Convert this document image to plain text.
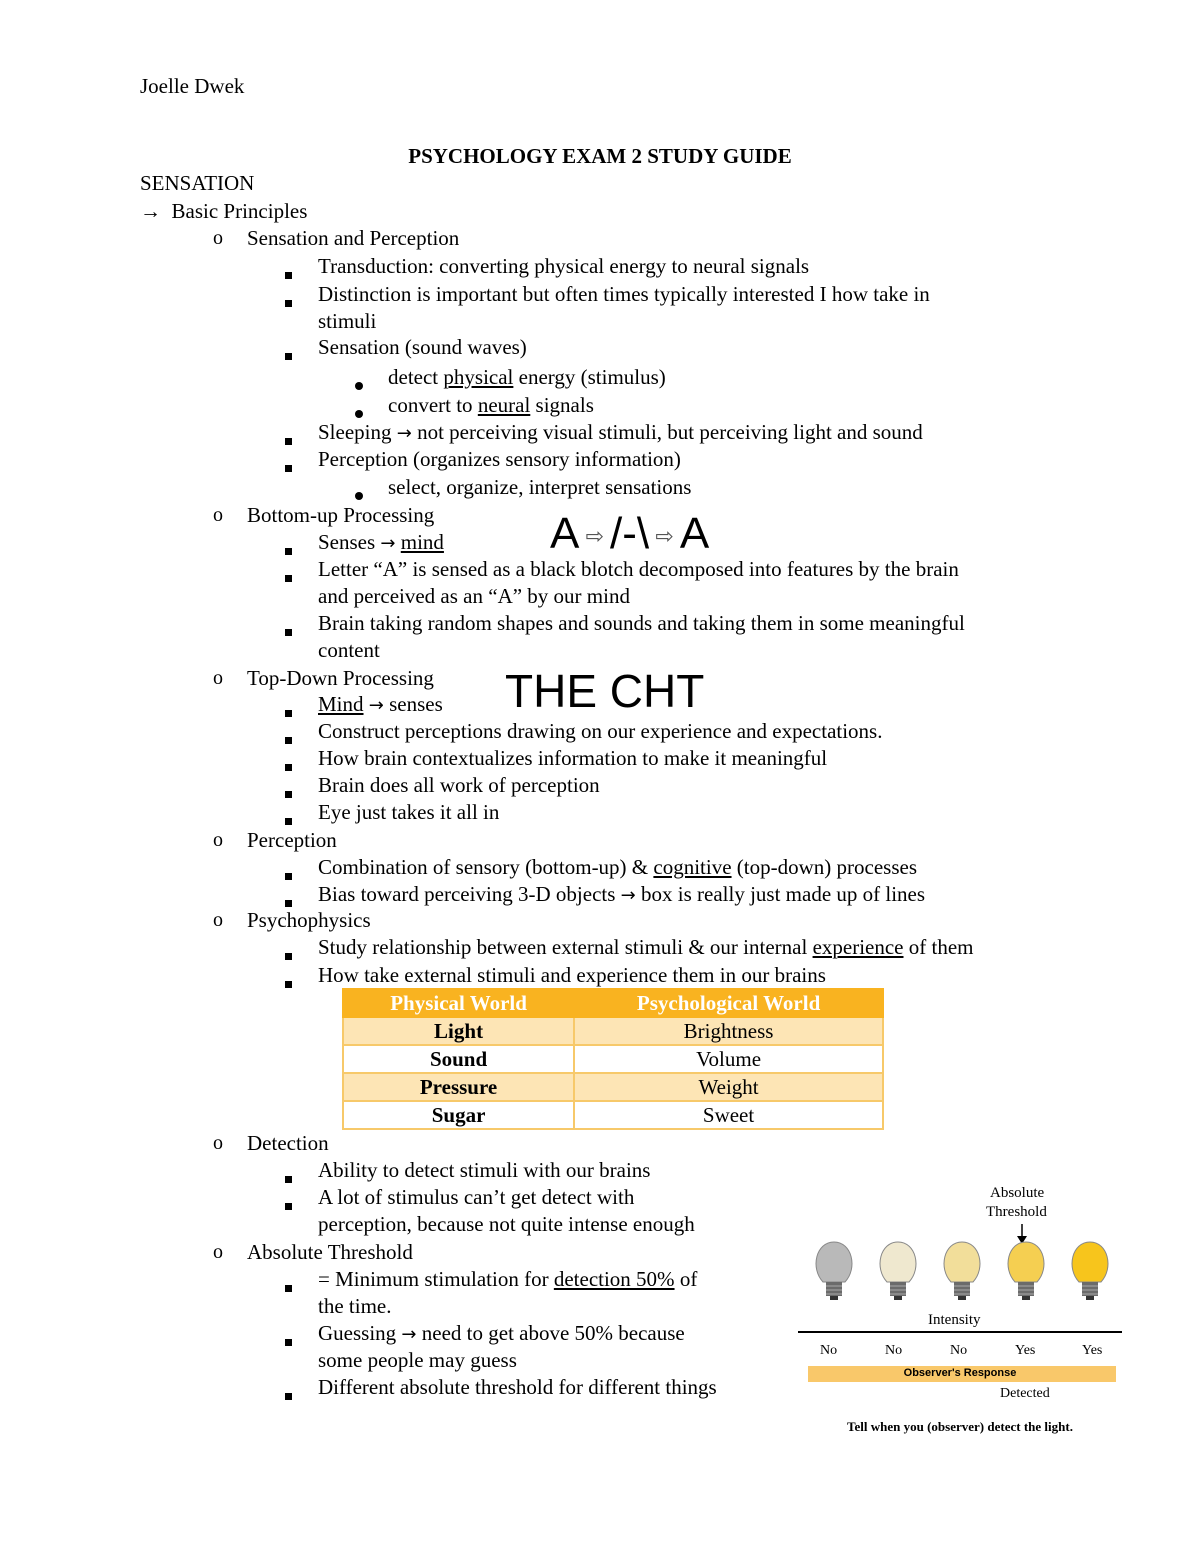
Joelle Dwek
PSYCHOLOGY EXAM 2 STUDY GUIDE
SENSATION
→ Basic Principles
o Sensation and Perception
Transduction: converting physical energy to neural signals
Distinction is important but often times typically interested I how take in
stimuli
Sensation (sound waves)
detect physical energy (stimulus)
convert to neural signals
Sleeping → not perceiving visual stimuli, but perceiving light and sound
Perception (organizes sensory information)
select, organize, interpret sensations
o Bottom-up Processing	A ⇨ /-\ ⇨ A
Senses → mind
Letter “A” is sensed as a black blotch decomposed into features by the brain
and perceived as an “A” by our mind
Brain taking random shapes and sounds and taking them in some meaningful
content
o Top-Down Processing THE CHT
Mind → senses
Construct perceptions drawing on our experience and expectations.
How brain contextualizes information to make it meaningful
Brain does all work of perception
Eye just takes it all in
o Perception
Combination of sensory (bottom-up) & cognitive (top-down) processes
Bias toward perceiving 3-D objects → box is really just made up of lines
o Psychophysics
Study relationship between external stimuli & our internal experience of them
How take external stimuli and experience them in our brains
Physical World	Psychological World
Light	Brightness
Sound	Volume
Pressure	Weight
Sugar	Sweet
o Detection
Ability to detect stimuli with our brains
A lot of stimulus can’t get detect with
perception, because not quite intense enough
o Absolute Threshold
= Minimum stimulation for detection 50% of
the time.
Guessing → need to get above 50% because
some people may guess
Different absolute threshold for different things
Absolute
Threshold
Intensity
No	No	No	Yes	Yes
Observer's Response
Detected
Tell when you (observer) detect the light.
